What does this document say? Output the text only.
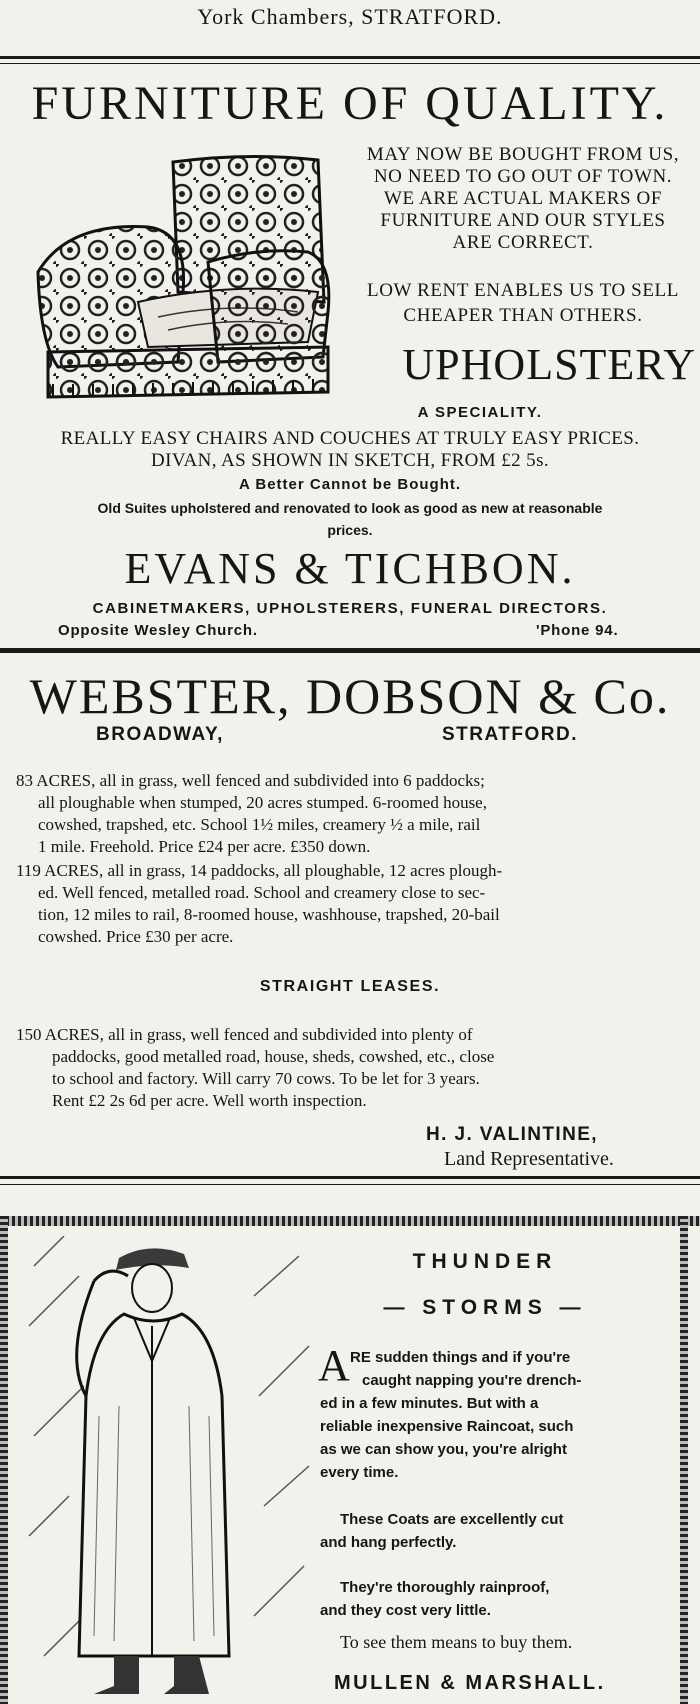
York Chambers, STRATFORD.
FURNITURE OF QUALITY.
MAY NOW BE BOUGHT FROM US,
NO NEED TO GO OUT OF TOWN.
WE ARE ACTUAL MAKERS OF
FURNITURE AND OUR STYLES
ARE CORRECT.
LOW RENT ENABLES US TO SELL
CHEAPER THAN OTHERS.
UPHOLSTERY
A SPECIALITY.
REALLY EASY CHAIRS AND COUCHES AT TRULY EASY PRICES.
DIVAN, AS SHOWN IN SKETCH, FROM £2 5s.
A Better Cannot be Bought.
Old Suites upholstered and renovated to look as good as new at reasonable
prices.
EVANS & TICHBON.
CABINETMAKERS, UPHOLSTERERS, FUNERAL DIRECTORS.
Opposite Wesley Church.	'Phone 94.
WEBSTER, DOBSON & Co.
BROADWAY,	STRATFORD.
83 ACRES, all in grass, well fenced and subdivided into 6 paddocks;
all ploughable when stumped, 20 acres stumped. 6-roomed house,
cowshed, trapshed, etc. School 1½ miles, creamery ½ a mile, rail
1 mile. Freehold. Price £24 per acre. £350 down.
119 ACRES, all in grass, 14 paddocks, all ploughable, 12 acres plough-
ed. Well fenced, metalled road. School and creamery close to sec-
tion, 12 miles to rail, 8-roomed house, washhouse, trapshed, 20-bail
cowshed. Price £30 per acre.
STRAIGHT LEASES.
150 ACRES, all in grass, well fenced and subdivided into plenty of
paddocks, good metalled road, house, sheds, cowshed, etc., close
to school and factory. Will carry 70 cows. To be let for 3 years.
Rent £2 2s 6d per acre. Well worth inspection.
H. J. VALINTINE,
Land Representative.
THUNDER
— STORMS —
A RE sudden things and if you're
caught napping you're drench-
ed in a few minutes. But with a
reliable inexpensive Raincoat, such
as we can show you, you're alright
every time.
These Coats are excellently cut
and hang perfectly.
They're thoroughly rainproof,
and they cost very little.
To see them means to buy them.
MULLEN & MARSHALL.
